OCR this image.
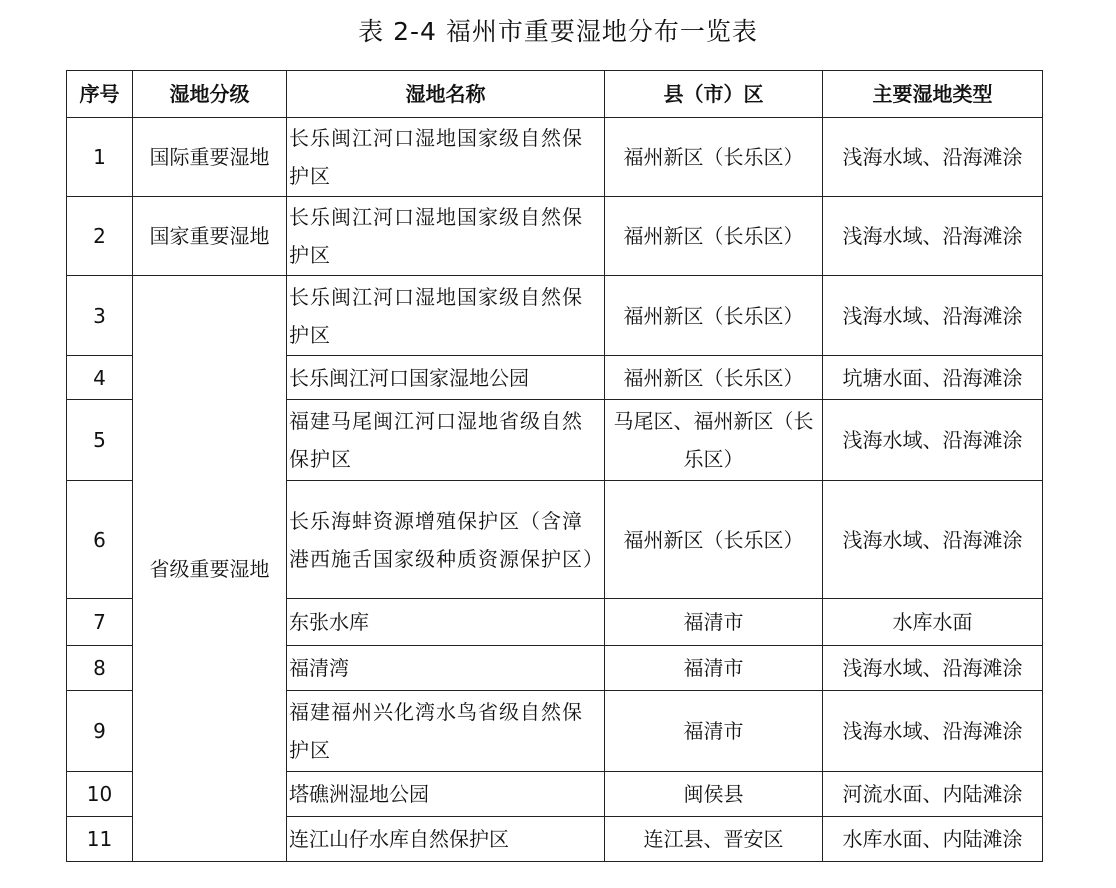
表 2-4 福州市重要湿地分布一览表
序号	湿地分级	湿地名称	县（市）区	主要湿地类型
1	国际重要湿地	长乐闽江河口湿地国家级自然保护区	福州新区（长乐区）	浅海水域、沿海滩涂
2	国家重要湿地	长乐闽江河口湿地国家级自然保护区	福州新区（长乐区）	浅海水域、沿海滩涂
3	省级重要湿地	长乐闽江河口湿地国家级自然保护区	福州新区（长乐区）	浅海水域、沿海滩涂
4		长乐闽江河口国家湿地公园	福州新区（长乐区）	坑塘水面、沿海滩涂
5		福建马尾闽江河口湿地省级自然保护区	马尾区、福州新区（长乐区）	浅海水域、沿海滩涂
6		长乐海蚌资源增殖保护区（含漳港西施舌国家级种质资源保护区）	福州新区（长乐区）	浅海水域、沿海滩涂
7		东张水库	福清市	水库水面
8		福清湾	福清市	浅海水域、沿海滩涂
9		福建福州兴化湾水鸟省级自然保护区	福清市	浅海水域、沿海滩涂
10		塔礁洲湿地公园	闽侯县	河流水面、内陆滩涂
11		连江山仔水库自然保护区	连江县、晋安区	水库水面、内陆滩涂
